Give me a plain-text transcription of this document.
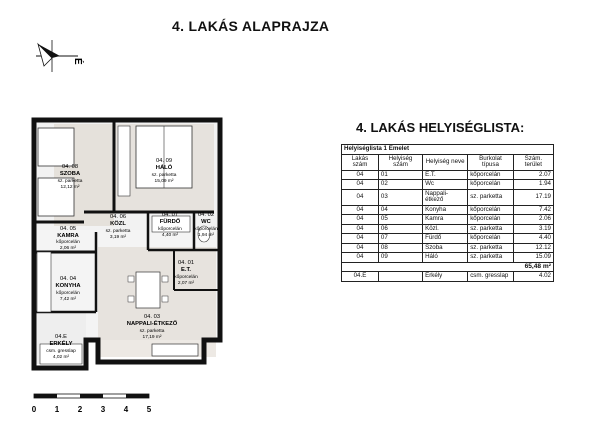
4. LAKÁS ALAPRAJZA
É
04. 08
SZOBA
sz. parketta
12,12 m²
04. 09
HÁLÓ
sz. parketta
15,09 m²
04. 06
KÖZL
sz. parketta
3,19 m²
04. 07
FÜRDŐ
kőporcelán
4,40 m²
04. 02
WC
kőporcelán
1,94 m²
04. 05
KAMRA
kőporcelán
2,06 m²
04. 01
E.T.
kőporcelán
2,07 m²
04. 04
KONYHA
kőporcelán
7,42 m²
04. 03
NAPPALI-ÉTKEZŐ
sz. parketta
17,19 m²
04.E
ERKÉLY
csm. gresslap
4,02 m²
4. LAKÁS HELYISÉGLISTA:
Helyiséglista 1 Emelet				
Lakás szám	Helyiség szám	Helyiség neve	Burkolat típusa	Szám. terület
04	01	E.T.	kőporcelán	2.07
04	02	Wc	kőporcelán	1.94
04	03	Nappali-étkező	sz. parketta	17.19
04	04	Konyha	kőporcelán	7.42
04	05	Kamra	kőporcelán	2.06
04	06	Közl.	sz. parketta	3.19
04	07	Fürdő	kőporcelán	4.40
04	08	Szoba	sz. parketta	12.12
04	09	Háló	sz. parketta	15.09
65,48 m²				
04.E		Erkély	csm. gresslap	4.02
0 1 2 3 4 5
